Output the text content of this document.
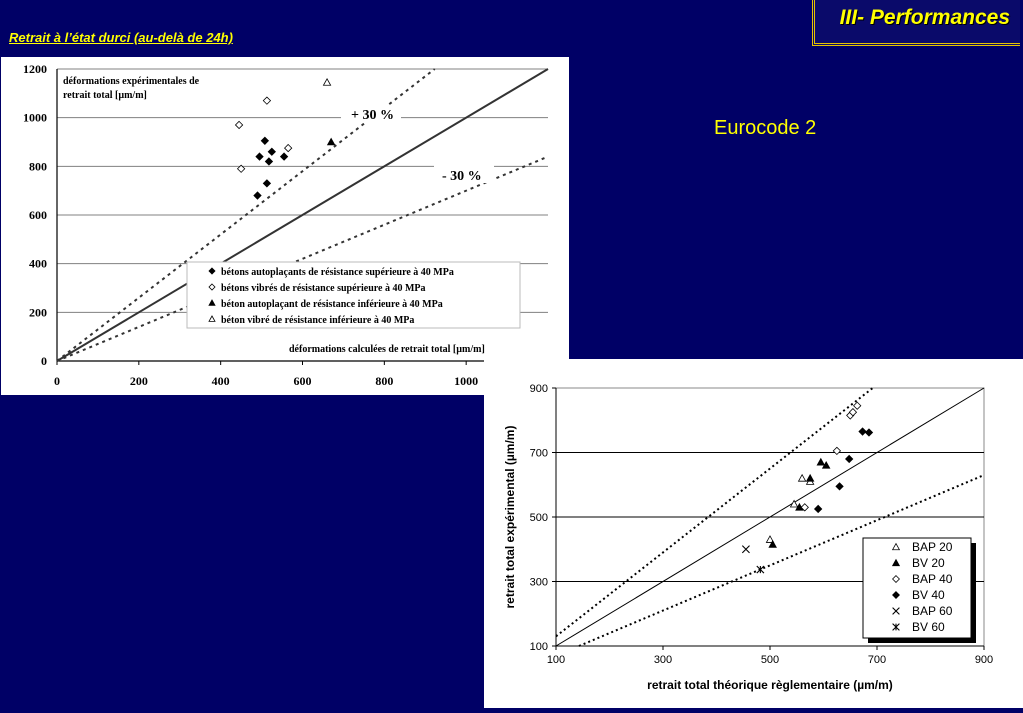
III- Performances
Retrait à l’état durci (au-delà de 24h)
Eurocode 2
0
200
400
600
800
1000
1200
0	200	400	600	800	1000
+ 30 %
- 30 %
déformations expérimentales de
retrait total [µm/m]
bétons autoplaçants de résistance supérieure à 40 MPa
bétons vibrés de résistance supérieure à 40 MPa
béton autoplaçant de résistance inférieure à 40 MPa
béton vibré de résistance inférieure à 40 MPa
déformations calculées de retrait total [µm/m]
100
300
500
700
900
100	300	500	700	900
BAP 20
BV 20
BAP 40
BV 40
BAP 60
BV 60
retrait total théorique règlementaire (µm/m)
retrait total expérimental (µm/m)
